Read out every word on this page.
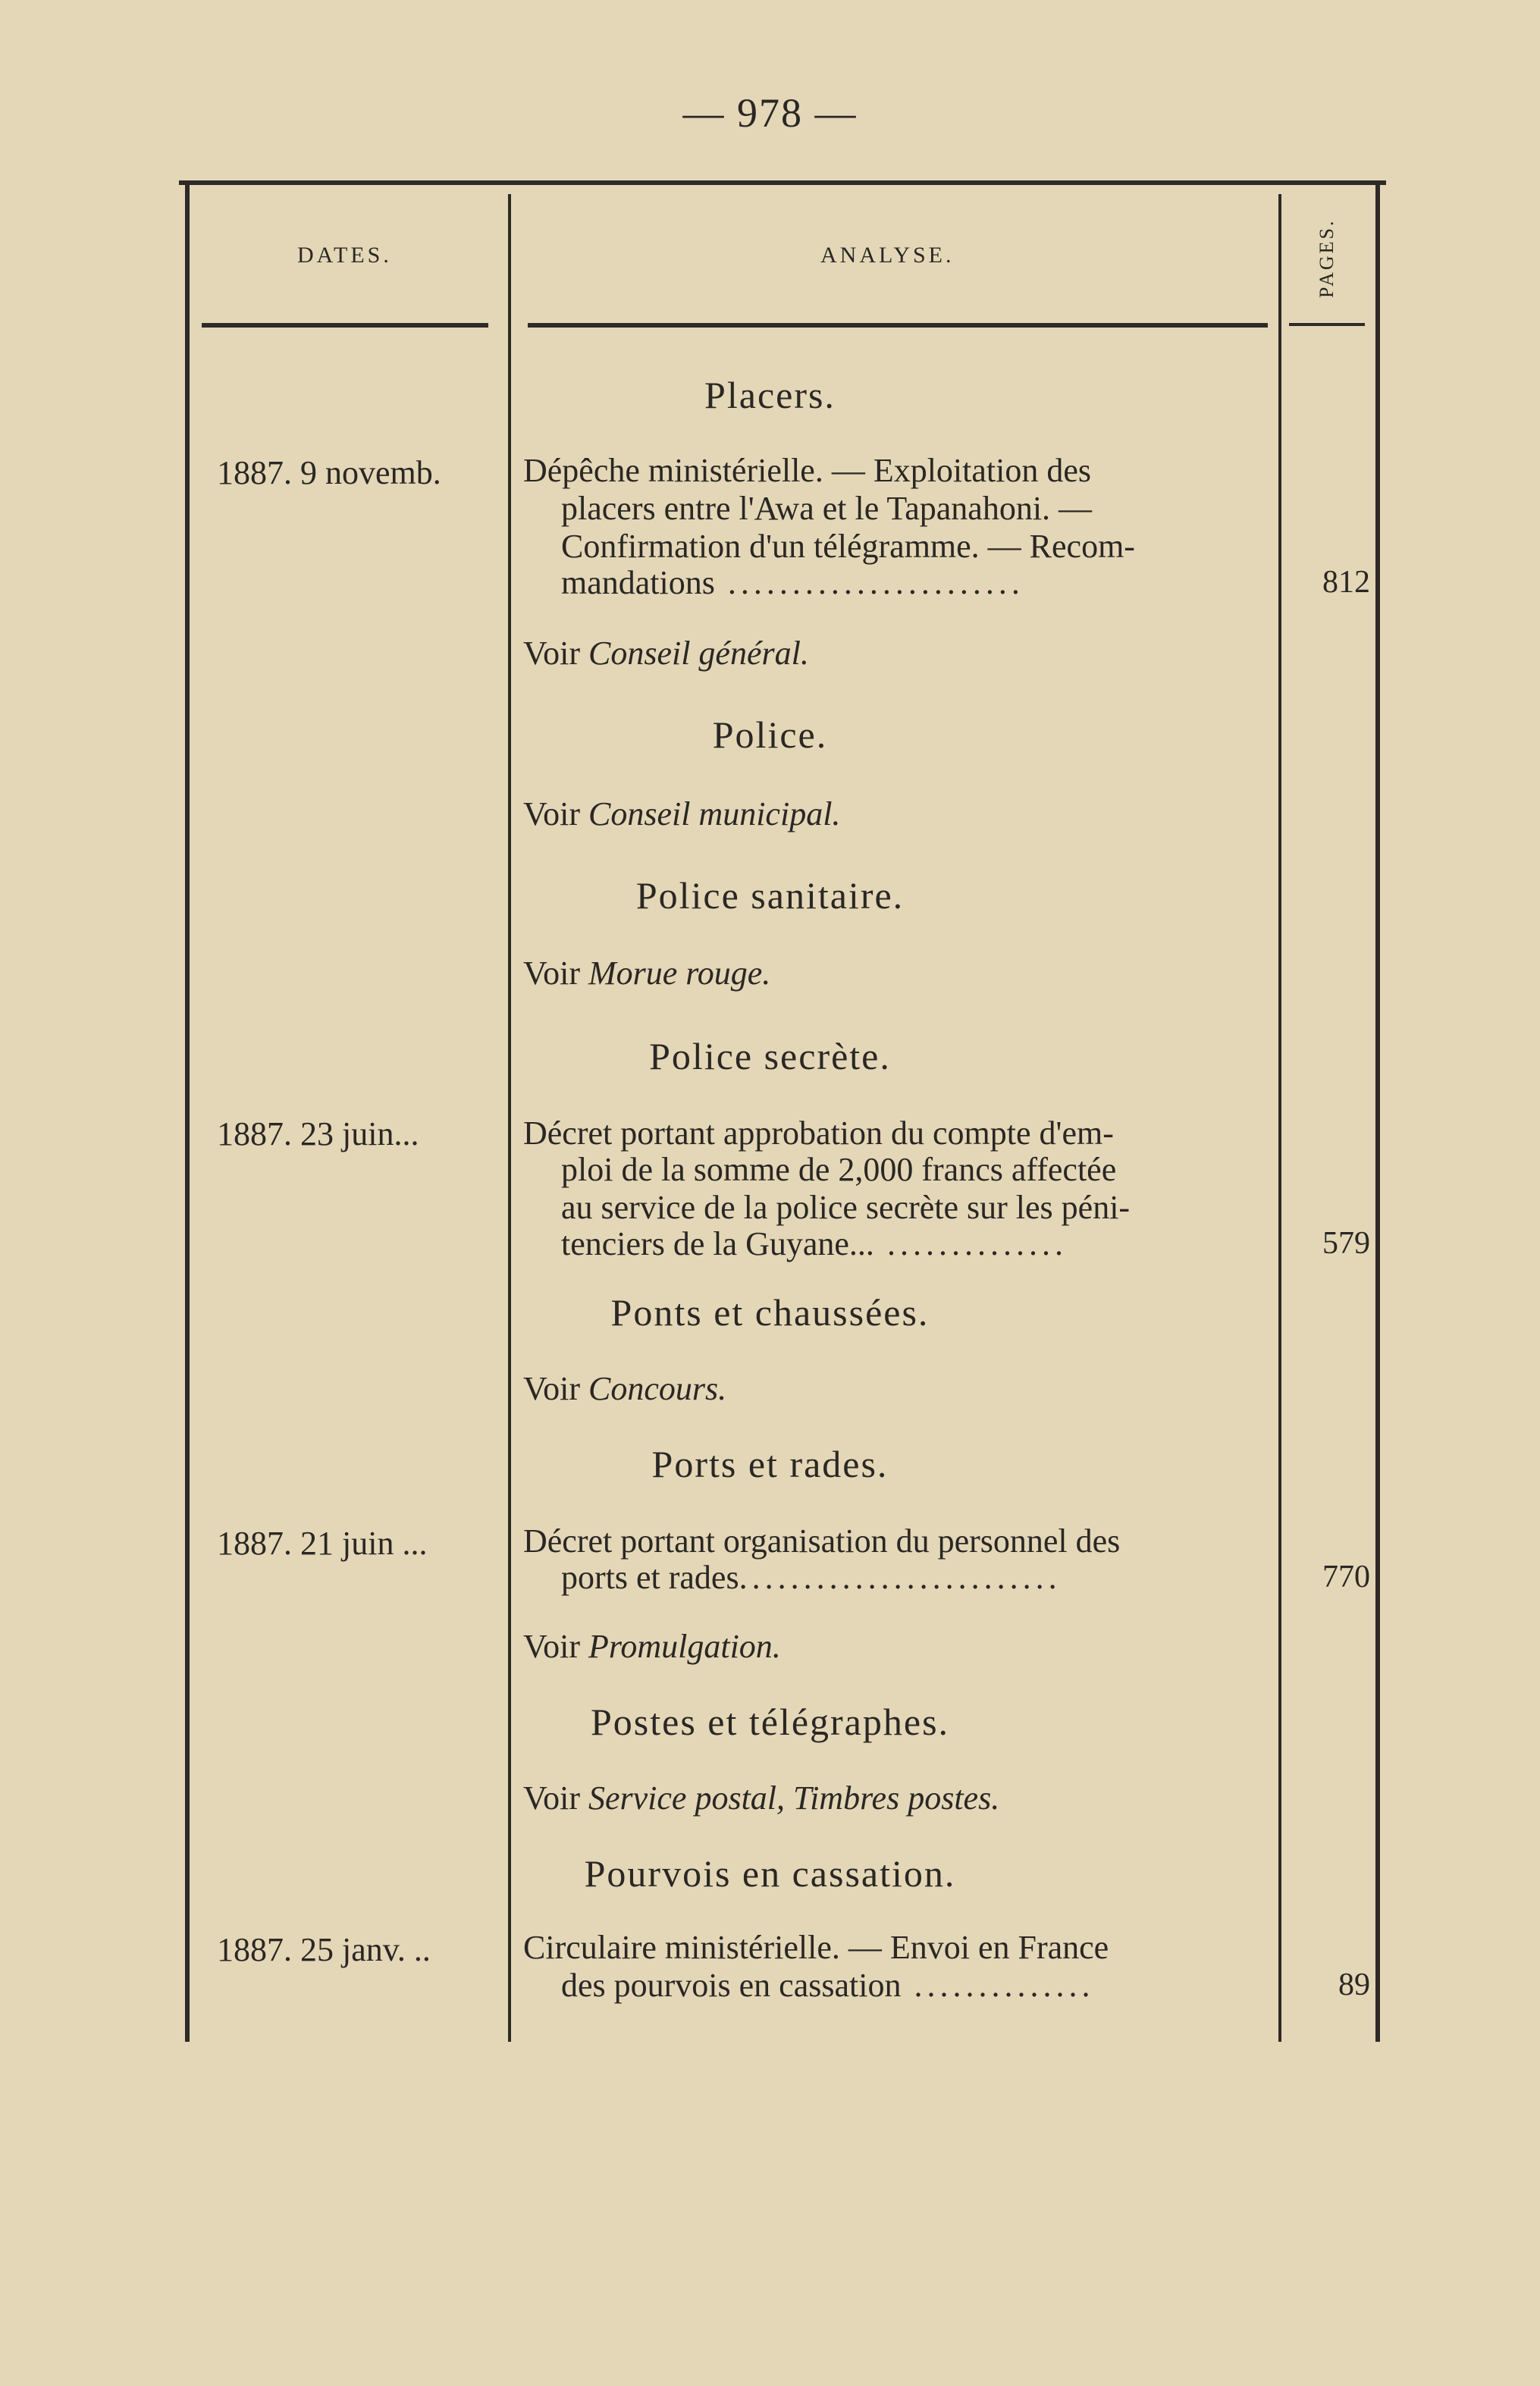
— 978 —
DATES.	ANALYSE.	PAGES.
Placers.
1887. 9 novemb. Dépêche ministérielle. — Exploitation des
placers entre l'Awa et le Tapanahoni. —
Confirmation d'un télégramme. — Recom-
mandations .......................	812
Voir Conseil général.
Police.
Voir Conseil municipal.
Police sanitaire.
Voir Morue rouge.
Police secrète.
1887. 23 juin...	Décret portant approbation du compte d'em-
ploi de la somme de 2,000 francs affectée
au service de la police secrète sur les péni-
tenciers de la Guyane... ..............	579
Ponts et chaussées.
Voir Concours.
Ports et rades.
1887. 21 juin ...	Décret portant organisation du personnel des
ports et rades.........................	770
Voir Promulgation.
Postes et télégraphes.
Voir Service postal, Timbres postes.
Pourvois en cassation.
1887. 25 janv. ..	Circulaire ministérielle. — Envoi en France
des pourvois en cassation ..............	89
